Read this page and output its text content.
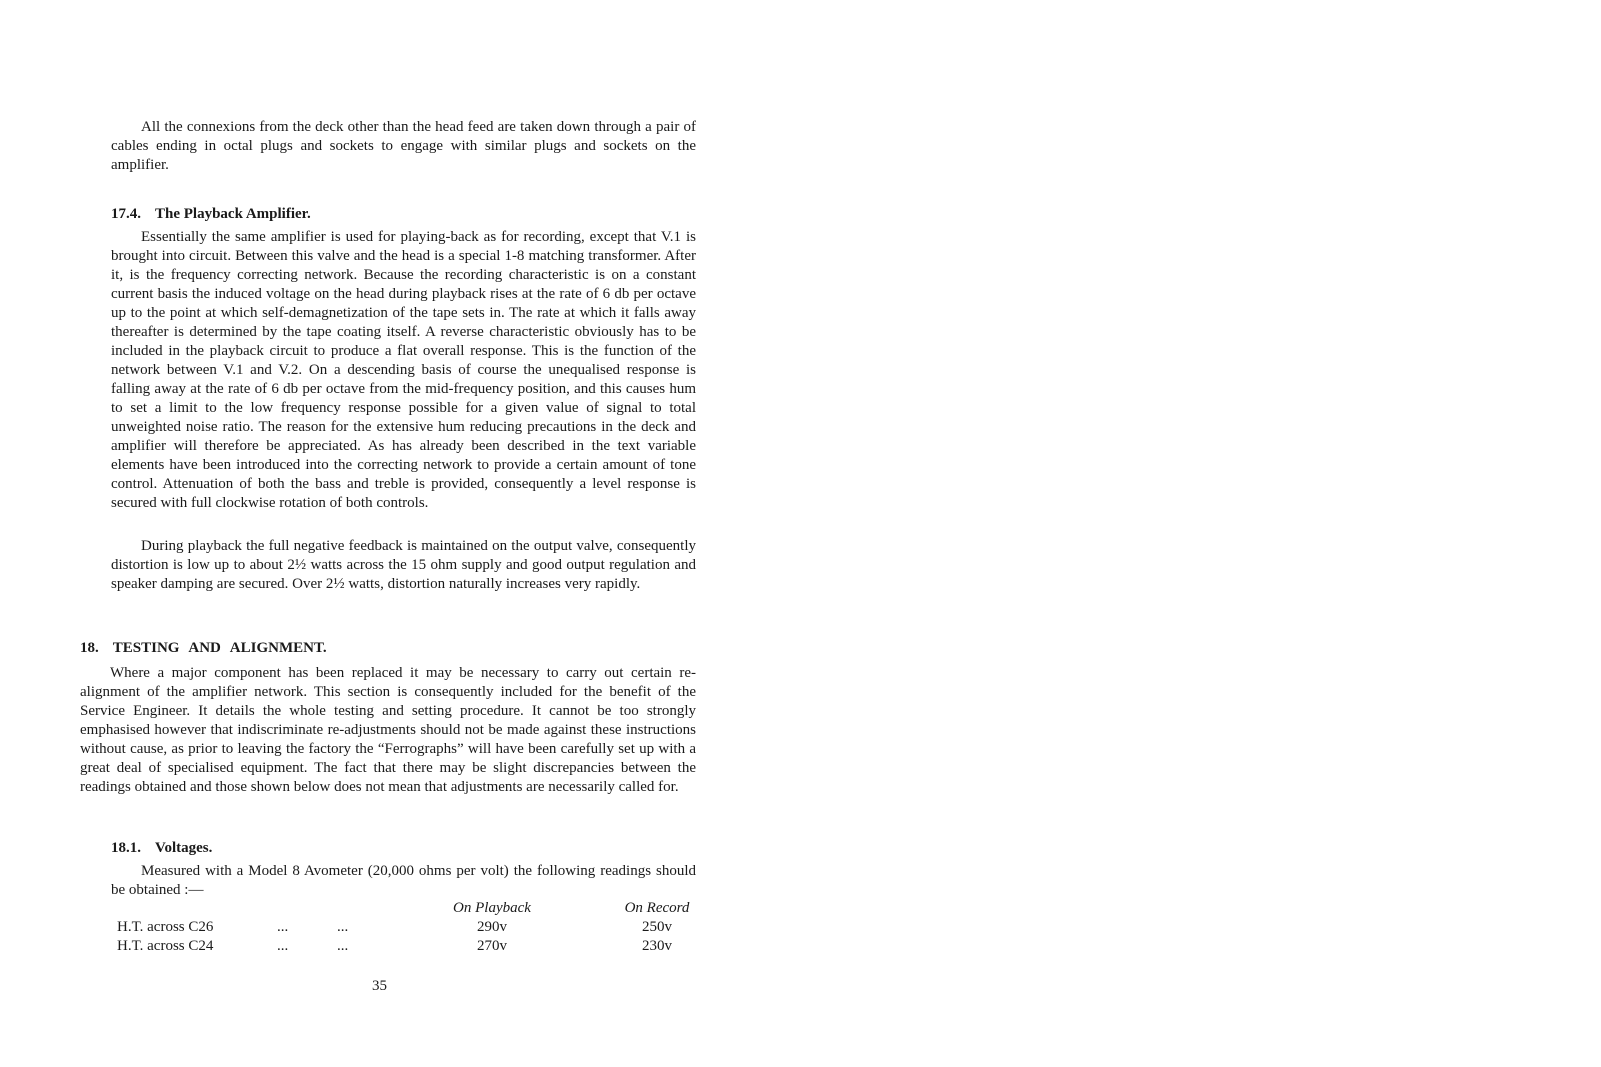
All the connexions from the deck other than the head feed are taken down through a pair of cables ending in octal plugs and sockets to engage with similar plugs and sockets on the amplifier.

17.4. The Playback Amplifier.

Essentially the same amplifier is used for playing-back as for recording, except that V.1 is brought into circuit. Between this valve and the head is a special 1-8 matching transformer. After it, is the frequency correcting network. Because the recording characteristic is on a constant current basis the induced voltage on the head during playback rises at the rate of 6 db per octave up to the point at which self-demagnetization of the tape sets in. The rate at which it falls away thereafter is determined by the tape coating itself. A reverse characteristic obviously has to be included in the playback circuit to produce a flat overall response. This is the function of the network between V.1 and V.2. On a descending basis of course the unequalised response is falling away at the rate of 6 db per octave from the mid-frequency position, and this causes hum to set a limit to the low frequency response possible for a given value of signal to total unweighted noise ratio. The reason for the extensive hum reducing precautions in the deck and amplifier will therefore be appreciated. As has already been described in the text variable elements have been introduced into the correcting network to provide a certain amount of tone control. Attenuation of both the bass and treble is provided, consequently a level response is secured with full clockwise rotation of both controls.

During playback the full negative feedback is maintained on the output valve, consequently distortion is low up to about 2½ watts across the 15 ohm supply and good output regulation and speaker damping are secured. Over 2½ watts, distortion naturally increases very rapidly.

18. TESTING AND ALIGNMENT.

Where a major component has been replaced it may be necessary to carry out certain re-alignment of the amplifier network. This section is consequently included for the benefit of the Service Engineer. It details the whole testing and setting procedure. It cannot be too strongly emphasised however that indiscriminate re-adjustments should not be made against these instructions without cause, as prior to leaving the factory the “Ferrographs” will have been carefully set up with a great deal of specialised equipment. The fact that there may be slight discrepancies between the readings obtained and those shown below does not mean that adjustments are necessarily called for.

18.1. Voltages.

Measured with a Model 8 Avometer (20,000 ohms per volt) the following readings should be obtained :—

			On Playback	On Record
H.T. across C26	...	...	290v	250v
H.T. across C24	...	...	270v	230v
35
